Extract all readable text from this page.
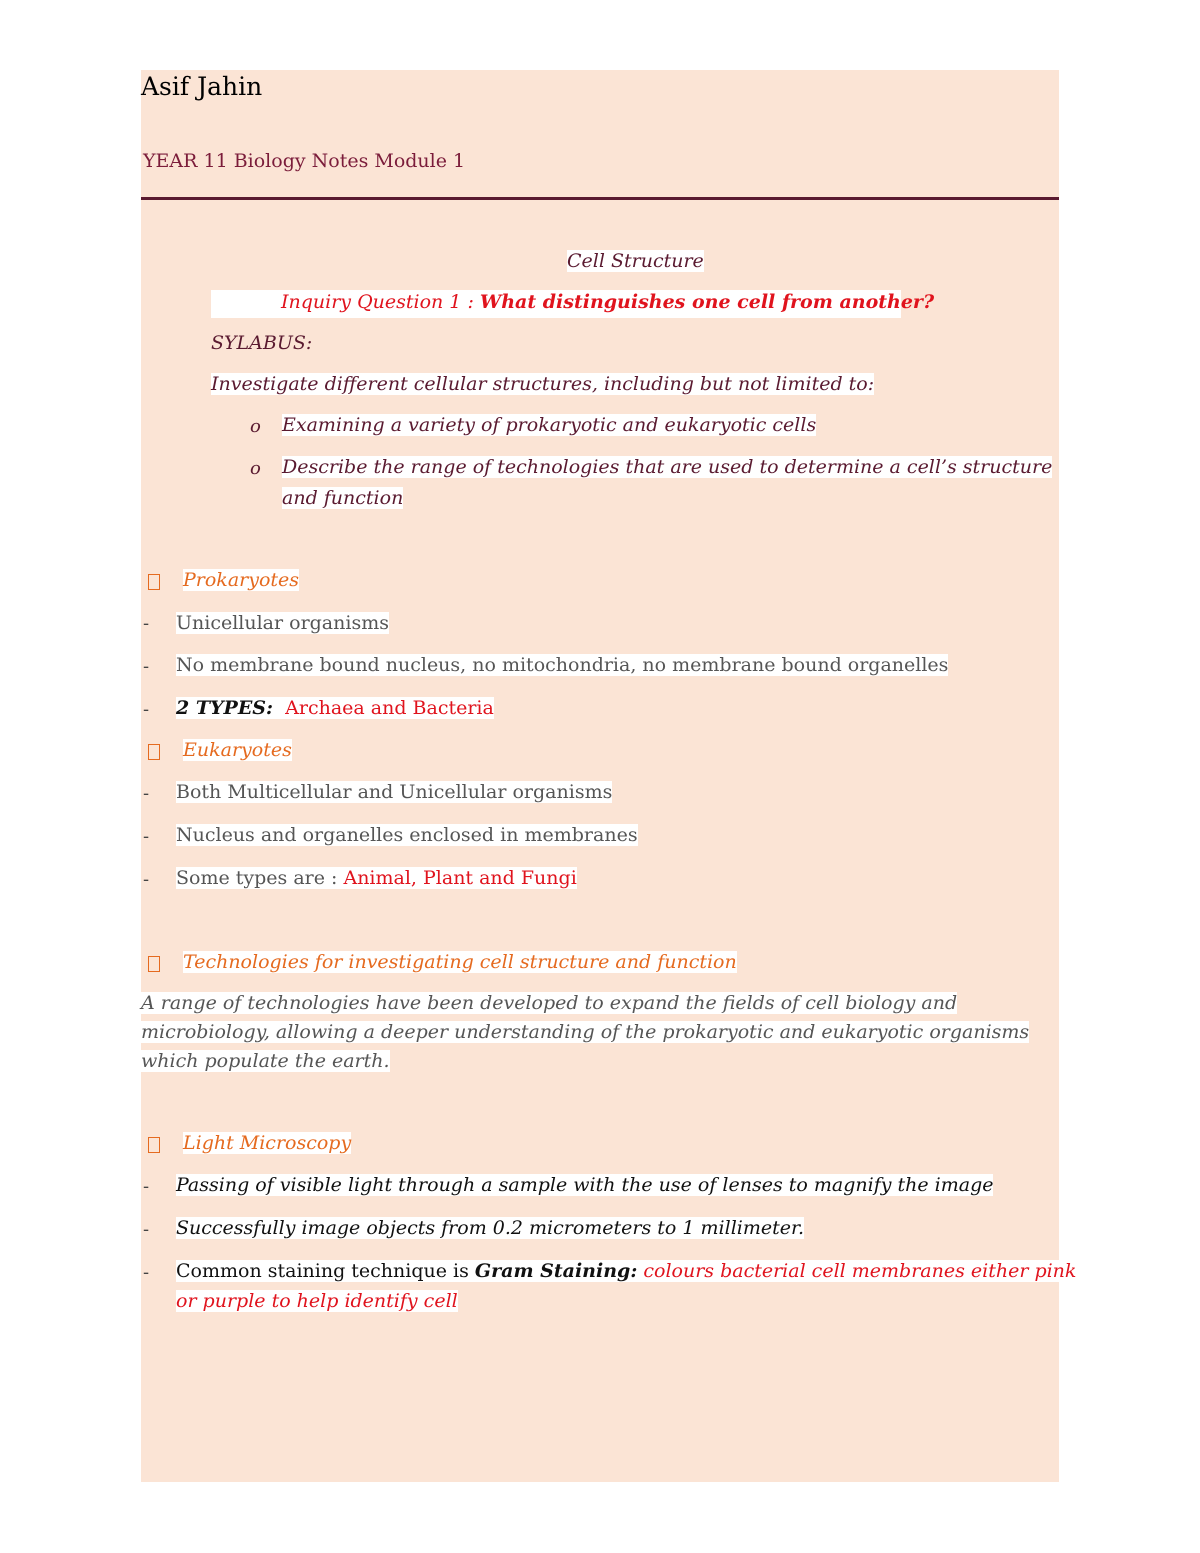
Asif Jahin
YEAR 11 Biology Notes Module 1
Cell Structure
Inquiry Question 1 : What distinguishes one cell from another?
SYLABUS:
Investigate different cellular structures, including but not limited to:
o Examining a variety of prokaryotic and eukaryotic cells
o Describe the range of technologies that are used to determine a cell’s structure
and function
Prokaryotes
- Unicellular organisms
- No membrane bound nucleus, no mitochondria, no membrane bound organelles
- 2 TYPES: Archaea and Bacteria
Eukaryotes
- Both Multicellular and Unicellular organisms
- Nucleus and organelles enclosed in membranes
- Some types are : Animal, Plant and Fungi
Technologies for investigating cell structure and function
A range of technologies have been developed to expand the fields of cell biology and
microbiology, allowing a deeper understanding of the prokaryotic and eukaryotic organisms
which populate the earth.
Light Microscopy
- Passing of visible light through a sample with the use of lenses to magnify the image
- Successfully image objects from 0.2 micrometers to 1 millimeter.
- Common staining technique is Gram Staining: colours bacterial cell membranes either pink
or purple to help identify cell
